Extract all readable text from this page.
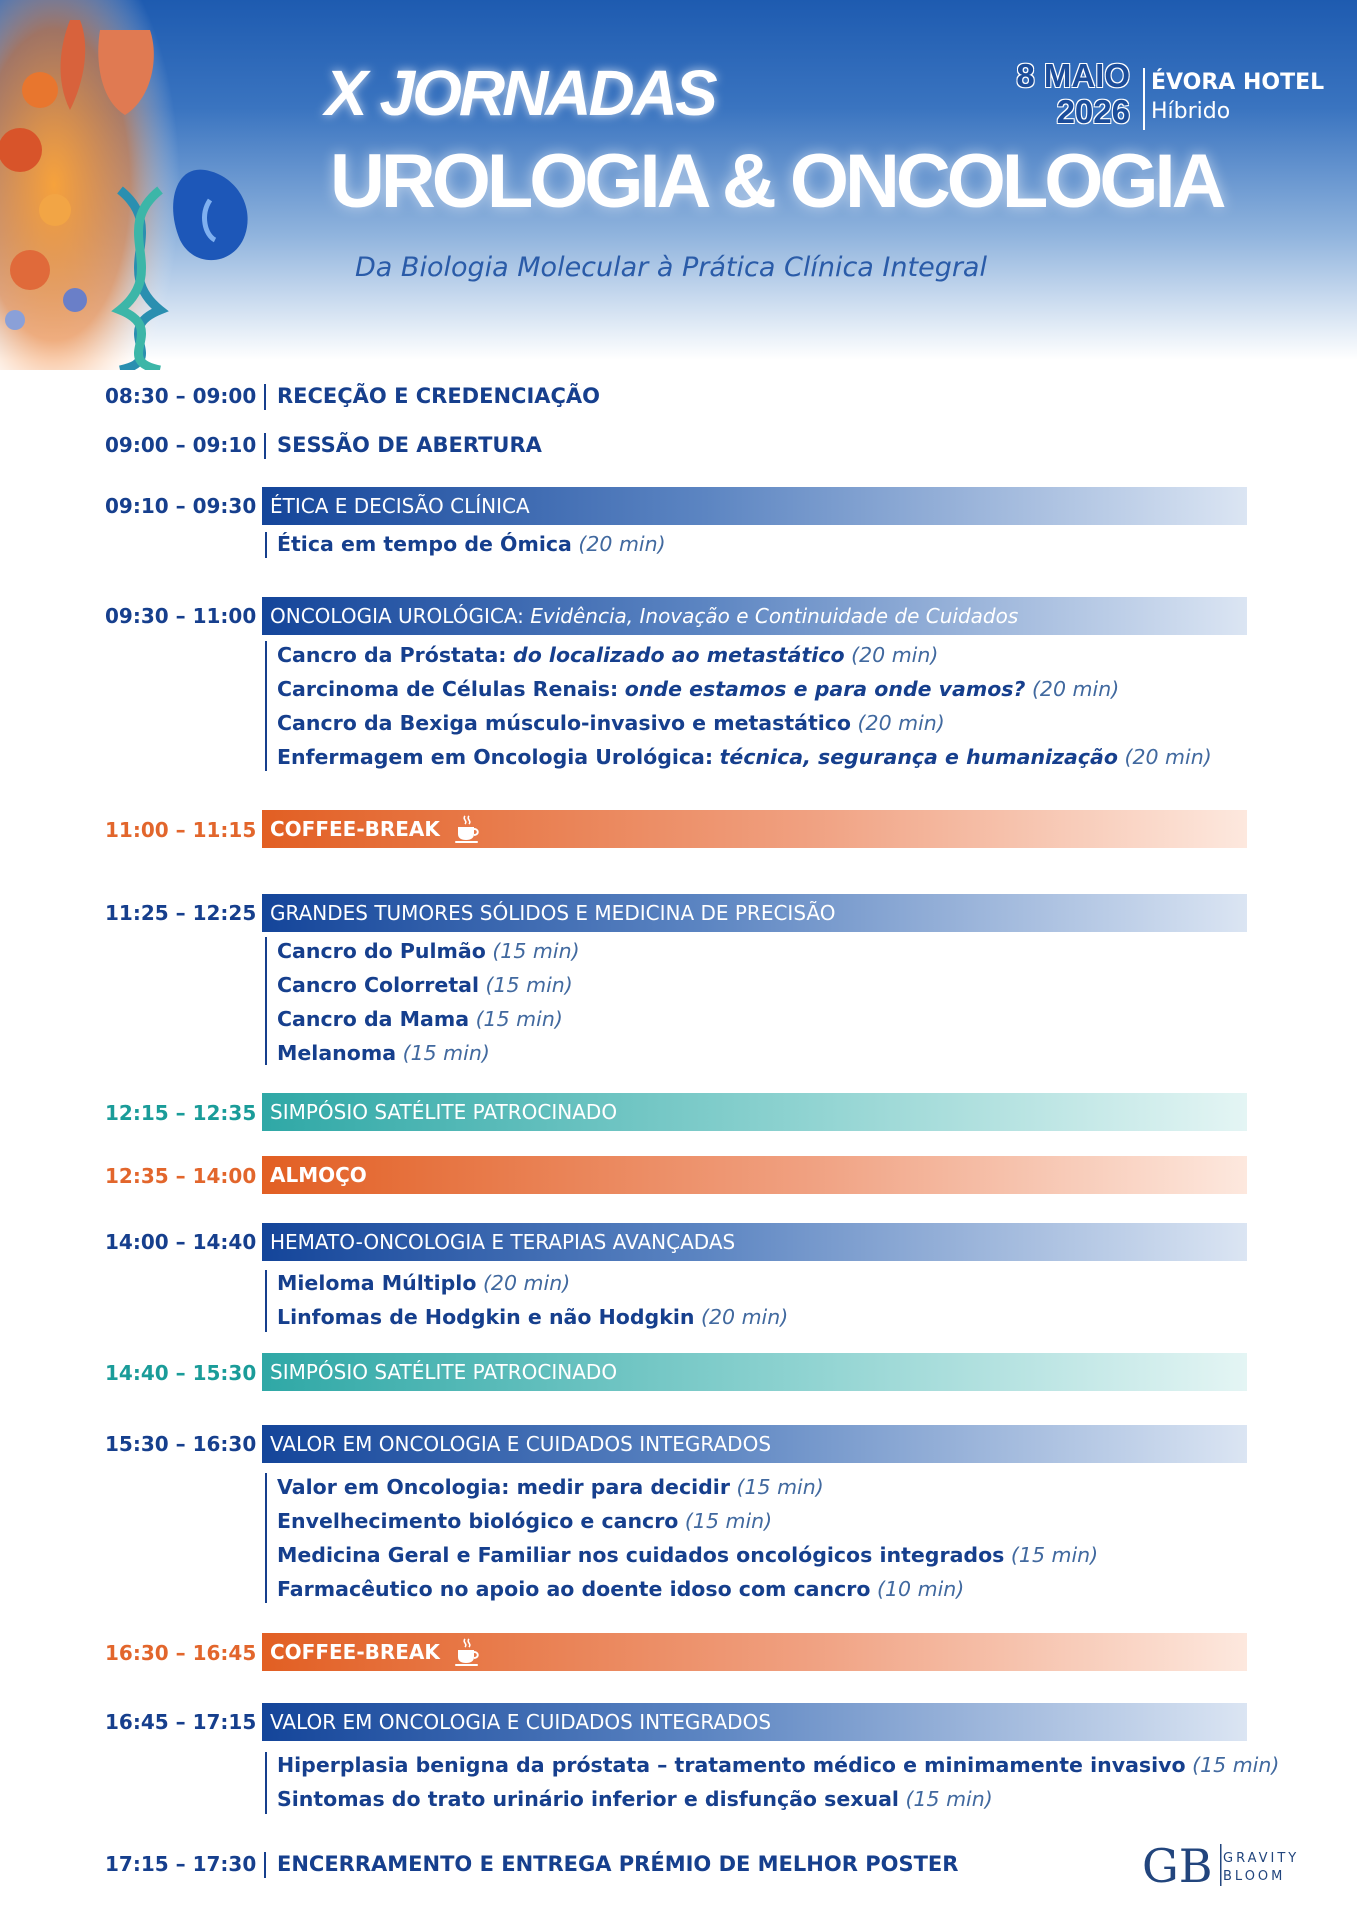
X JORNADAS
UROLOGIA & ONCOLOGIA
Da Biologia Molecular à Prática Clínica Integral
8 MAIO
2026
ÉVORA HOTEL
Híbrido
08:30 – 09:00 RECEÇÃO E CREDENCIAÇÃO
09:00 – 09:10 SESSÃO DE ABERTURA
09:10 – 09:30 ÉTICA E DECISÃO CLÍNICA
Ética em tempo de Ómica (20 min)
09:30 – 11:00 ONCOLOGIA UROLÓGICA:
Evidência, Inovação e Continuidade de Cuidados
Cancro da Próstata: do localizado ao metastático (20 min)
Carcinoma de Células Renais: onde estamos e para onde vamos? (20 min)
Cancro da Bexiga músculo-invasivo e metastático (20 min)
Enfermagem em Oncologia Urológica: técnica, segurança e humanização (20 min)
11:00 – 11:15 COFFEE-BREAK
11:25 – 12:25 GRANDES TUMORES SÓLIDOS E MEDICINA DE PRECISÃO
Cancro do Pulmão (15 min)
Cancro Colorretal (15 min)
Cancro da Mama (15 min)
Melanoma (15 min)
12:15 – 12:35 SIMPÓSIO SATÉLITE PATROCINADO
12:35 – 14:00 ALMOÇO
14:00 – 14:40 HEMATO-ONCOLOGIA E TERAPIAS AVANÇADAS
Mieloma Múltiplo (20 min)
Linfomas de Hodgkin e não Hodgkin (20 min)
14:40 – 15:30 SIMPÓSIO SATÉLITE PATROCINADO
15:30 – 16:30 VALOR EM ONCOLOGIA E CUIDADOS INTEGRADOS
Valor em Oncologia: medir para decidir (15 min)
Envelhecimento biológico e cancro (15 min)
Medicina Geral e Familiar nos cuidados oncológicos integrados (15 min)
Farmacêutico no apoio ao doente idoso com cancro (10 min)
16:30 – 16:45 COFFEE-BREAK
16:45 – 17:15 VALOR EM ONCOLOGIA E CUIDADOS INTEGRADOS
Hiperplasia benigna da próstata – tratamento médico e minimamente invasivo (15 min)
Sintomas do trato urinário inferior e disfunção sexual (15 min)
17:15 – 17:30 ENCERRAMENTO E ENTREGA PRÉMIO DE MELHOR POSTER	GB GRAVITY
BLOOM
